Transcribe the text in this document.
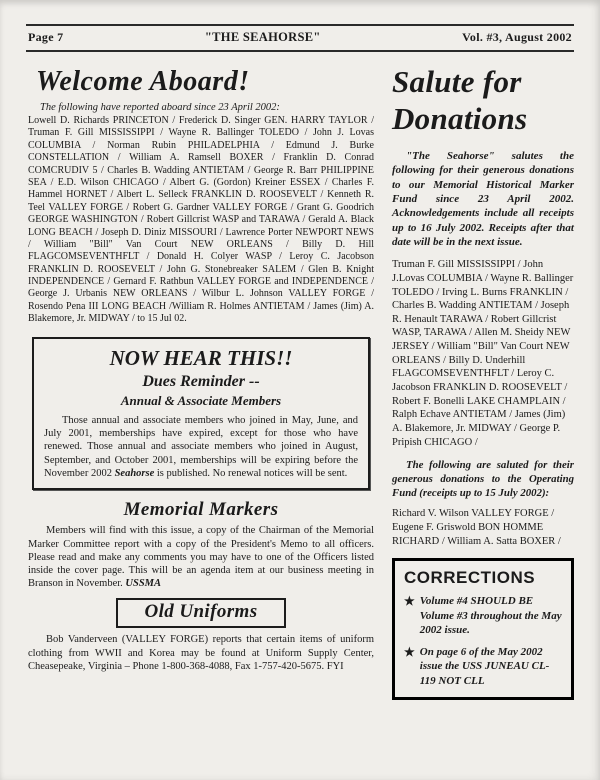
Page 7	"THE SEAHORSE"	Vol. #3, August 2002
Welcome Aboard!

The following have reported aboard since 23 April 2002:

Lowell D. Richards PRINCETON / Frederick D. Singer GEN. HARRY TAYLOR / Truman F. Gill MISSISSIPPI / Wayne R. Ballinger TOLEDO / John J. Lovas COLUMBIA / Norman Rubin PHILADELPHIA / Edmund J. Burke CONSTELLATION / William A. Ramsell BOXER / Franklin D. Conrad COMCRUDIV 5 / Charles B. Wadding ANTIETAM / George R. Barr PHILIPPINE SEA / E.D. Wilson CHICAGO / Albert G. (Gordon) Kreiner ESSEX / Charles F. Hammel HORNET / Albert L. Selleck FRANKLIN D. ROOSEVELT / Kenneth R. Teel VALLEY FORGE / Robert G. Gardner VALLEY FORGE / Grant G. Goodrich GEORGE WASHINGTON / Robert Gillcrist WASP and TARAWA / Gerald A. Black LONG BEACH / Joseph D. Diniz MISSOURI / Lawrence Porter NEWPORT NEWS / William "Bill" Van Court NEW ORLEANS / Billy D. Hill FLAGCOMSEVENTHFLT / Donald H. Colyer WASP / Leroy C. Jacobson FRANKLIN D. ROOSEVELT / John G. Stonebreaker SALEM / Glen B. Knight INDEPENDENCE / Gernard F. Rathbun VALLEY FORGE and INDEPENDENCE / George J. Urbanis NEW ORLEANS / Wilbur L. Johnson VALLEY FORGE / Rosendo Pena III LONG BEACH /William R. Holmes ANTIETAM / James (Jim) A. Blakemore, Jr. MIDWAY / to 15 Jul 02.

NOW HEAR THIS!!
Dues Reminder --
Annual & Associate Members

Those annual and associate members who joined in May, June, and July 2001, memberships have expired, except for those who have renewed. Those annual and associate members who joined in August, September, and October 2001, memberships will be expiring before the November 2002 Seahorse is published. No renewal notices will be sent.

Memorial Markers

Members will find with this issue, a copy of the Chairman of the Memorial Marker Committee report with a copy of the President's Memo to all officers. Please read and make any comments you may have to one of the Officers listed inside the cover page. This will be an agenda item at our business meeting in Branson in November. USSMA

Old Uniforms

Bob Vanderveen (VALLEY FORGE) reports that certain items of uniform clothing from WWII and Korea may be found at Uniform Supply Center, Cheasepeake, Virginia – Phone 1-800-368-4088, Fax 1-757-420-5675. FYI

Salute for Donations

"The Seahorse" salutes the following for their generous donations to our Memorial Historical Marker Fund since 23 April 2002. Acknowledgements include all receipts up to 16 July 2002. Receipts after that date will be in the next issue.

Truman F. Gill MISSISSIPPI / John J.Lovas COLUMBIA / Wayne R. Ballinger TOLEDO / Irving L. Burns FRANKLIN / Charles B. Wadding ANTIETAM / Joseph R. Henault TARAWA / Robert Gillcrist WASP, TARAWA / Allen M. Sheidy NEW JERSEY / William "Bill" Van Court NEW ORLEANS / Billy D. Underhill FLAGCOMSEVENTHFLT / Leroy C. Jacobson FRANKLIN D. ROOSEVELT / Robert F. Bonelli LAKE CHAMPLAIN / Ralph Echave ANTIETAM / James (Jim) A. Blakemore, Jr. MIDWAY / George P. Pripish CHICAGO /

The following are saluted for their generous donations to the Operating Fund (receipts up to 15 July 2002):

Richard V. Wilson VALLEY FORGE / Eugene F. Griswold BON HOMME RICHARD / William A. Satta BOXER /

CORRECTIONS
★ Volume #4 SHOULD BE Volume #3 throughout the May 2002 issue.
★ On page 6 of the May 2002 issue the USS JUNEAU CL-119 NOT CLL
